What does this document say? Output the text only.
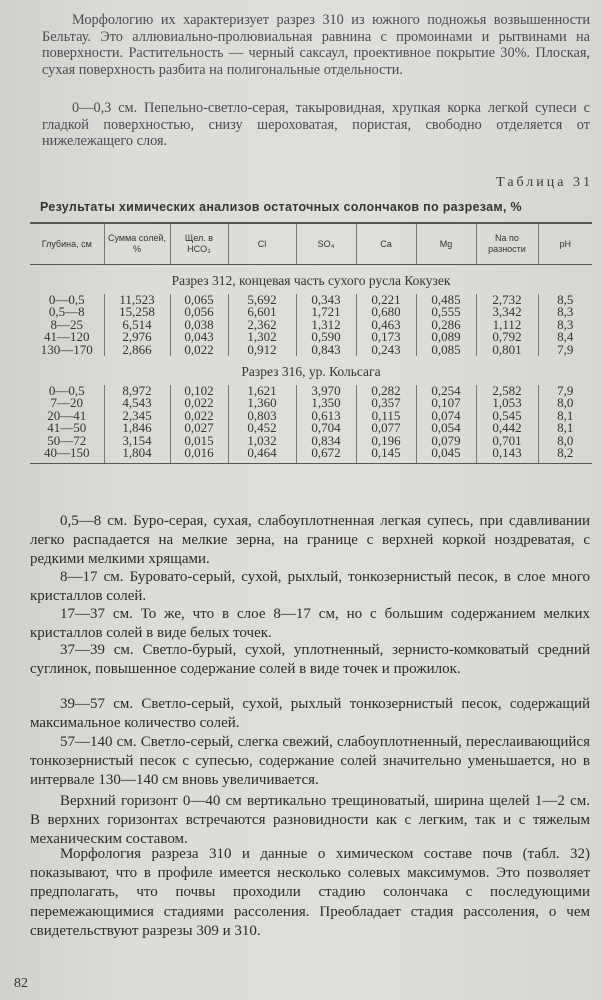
Морфологию их характеризует разрез 310 из южного подножья возвышенности Бельтау. Это аллювиально-пролювиальная равнина с промоинами и рытвинами на поверхности. Растительность — черный саксаул, проективное покрытие 30%. Плоская, сухая поверхность разбита на полигональные отдельности.

0—0,3 см. Пепельно-светло-серая, такыровидная, хрупкая корка легкой супеси с гладкой поверхностью, снизу шероховатая, пористая, свободно отделяется от нижележащего слоя.

Таблица 31
Результаты химических анализов остаточных солончаков по разрезам, %
Глубина, см	Сумма солей, %	Щел. в HCO₃	Cl	SO₄	Ca	Mg	Na по разности	pH
Разрез 312, концевая часть сухого русла Кокузек								
0—0,5	11,523	0,065	5,692	0,343	0,221	0,485	2,732	8,5
0,5—8	15,258	0,056	6,601	1,721	0,680	0,555	3,342	8,3
8—25	6,514	0,038	2,362	1,312	0,463	0,286	1,112	8,3
41—120	2,976	0,043	1,302	0,590	0,173	0,089	0,792	8,4
130—170	2,866	0,022	0,912	0,843	0,243	0,085	0,801	7,9
Разрез 316, ур. Кольсага								
0—0,5	8,972	0,102	1,621	3,970	0,282	0,254	2,582	7,9
7—20	4,543	0,022	1,360	1,350	0,357	0,107	1,053	8,0
20—41	2,345	0,022	0,803	0,613	0,115	0,074	0,545	8,1
41—50	1,846	0,027	0,452	0,704	0,077	0,054	0,442	8,1
50—72	3,154	0,015	1,032	0,834	0,196	0,079	0,701	8,0
40—150	1,804	0,016	0,464	0,672	0,145	0,045	0,143	8,2

0,5—8 см. Буро-серая, сухая, слабоуплотненная легкая супесь, при сдавливании легко распадается на мелкие зерна, на границе с верхней коркой ноздреватая, с редкими мелкими хрящами.

8—17 см. Буровато-серый, сухой, рыхлый, тонкозернистый песок, в слое много кристаллов солей.

17—37 см. То же, что в слое 8—17 см, но с большим содержанием мелких кристаллов солей в виде белых точек.

37—39 см. Светло-бурый, сухой, уплотненный, зернисто-комковатый средний суглинок, повышенное содержание солей в виде точек и прожилок.

39—57 см. Светло-серый, сухой, рыхлый тонкозернистый песок, содержащий максимальное количество солей.

57—140 см. Светло-серый, слегка свежий, слабоуплотненный, переслаивающийся тонкозернистый песок с супесью, содержание солей значительно уменьшается, но в интервале 130—140 см вновь увеличивается.

Верхний горизонт 0—40 см вертикально трещиноватый, ширина щелей 1—2 см. В верхних горизонтах встречаются разновидности как с легким, так и с тяжелым механическим составом.

Морфология разреза 310 и данные о химическом составе почв (табл. 32) показывают, что в профиле имеется несколько солевых максимумов. Это позволяет предполагать, что почвы проходили стадию солончака с последующими перемежающимися стадиями рассоления. Преобладает стадия рассоления, о чем свидетельствуют разрезы 309 и 310.

82
